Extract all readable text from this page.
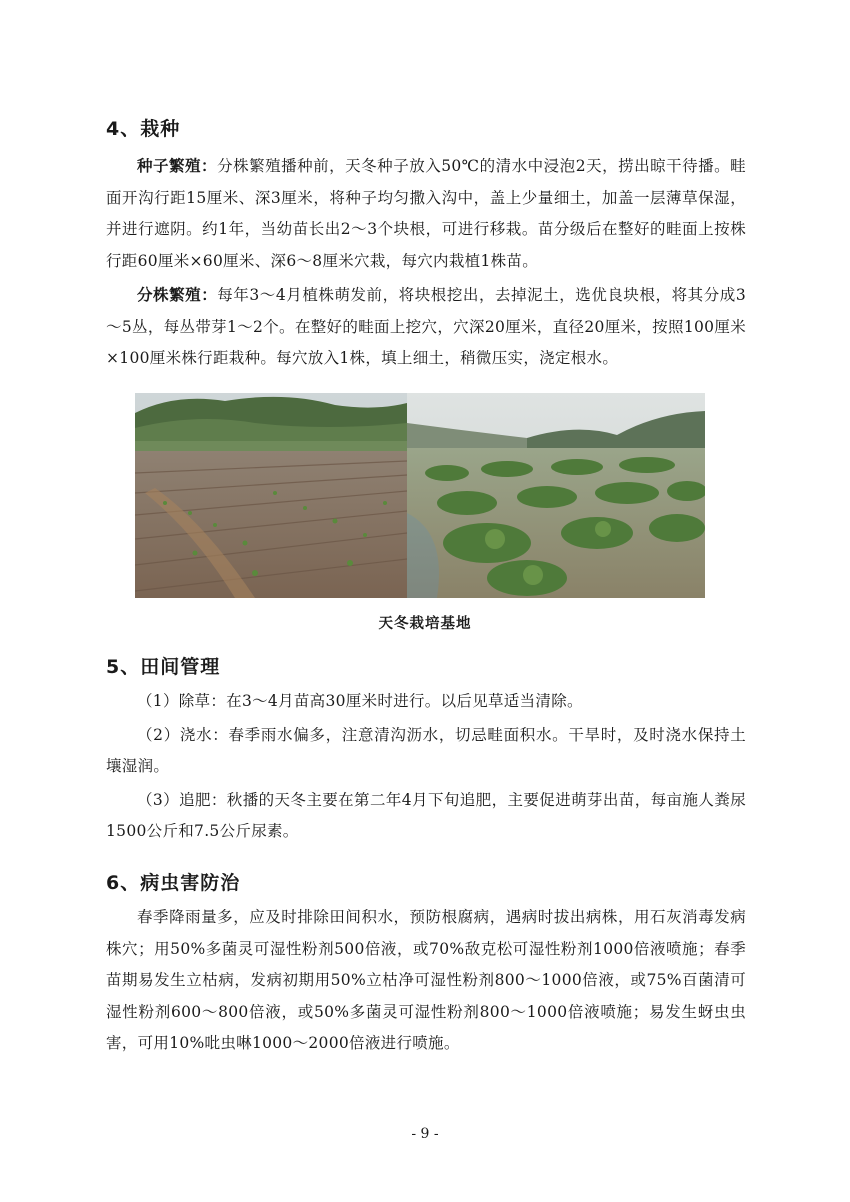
4、栽种

种子繁殖：分株繁殖播种前，天冬种子放入50℃的清水中浸泡2天，捞出晾干待播。畦面开沟行距15厘米、深3厘米，将种子均匀撒入沟中，盖上少量细土，加盖一层薄草保湿，并进行遮阴。约1年，当幼苗长出2～3个块根，可进行移栽。苗分级后在整好的畦面上按株行距60厘米×60厘米、深6～8厘米穴栽，每穴内栽植1株苗。

分株繁殖：每年3～4月植株萌发前，将块根挖出，去掉泥土，选优良块根，将其分成3～5丛，每丛带芽1～2个。在整好的畦面上挖穴，穴深20厘米，直径20厘米，按照100厘米×100厘米株行距栽种。每穴放入1株，填上细土，稍微压实，浇定根水。

天冬栽培基地
5、田间管理

（1）除草：在3～4月苗高30厘米时进行。以后见草适当清除。

（2）浇水：春季雨水偏多，注意清沟沥水，切忌畦面积水。干旱时，及时浇水保持土壤湿润。

（3）追肥：秋播的天冬主要在第二年4月下旬追肥，主要促进萌芽出苗，每亩施人粪尿1500公斤和7.5公斤尿素。

6、病虫害防治

春季降雨量多，应及时排除田间积水，预防根腐病，遇病时拔出病株，用石灰消毒发病株穴；用50%多菌灵可湿性粉剂500倍液，或70%敌克松可湿性粉剂1000倍液喷施；春季苗期易发生立枯病，发病初期用50%立枯净可湿性粉剂800～1000倍液，或75%百菌清可湿性粉剂600～800倍液，或50%多菌灵可湿性粉剂800～1000倍液喷施；易发生蚜虫虫害，可用10%吡虫啉1000～2000倍液进行喷施。

- 9 -
